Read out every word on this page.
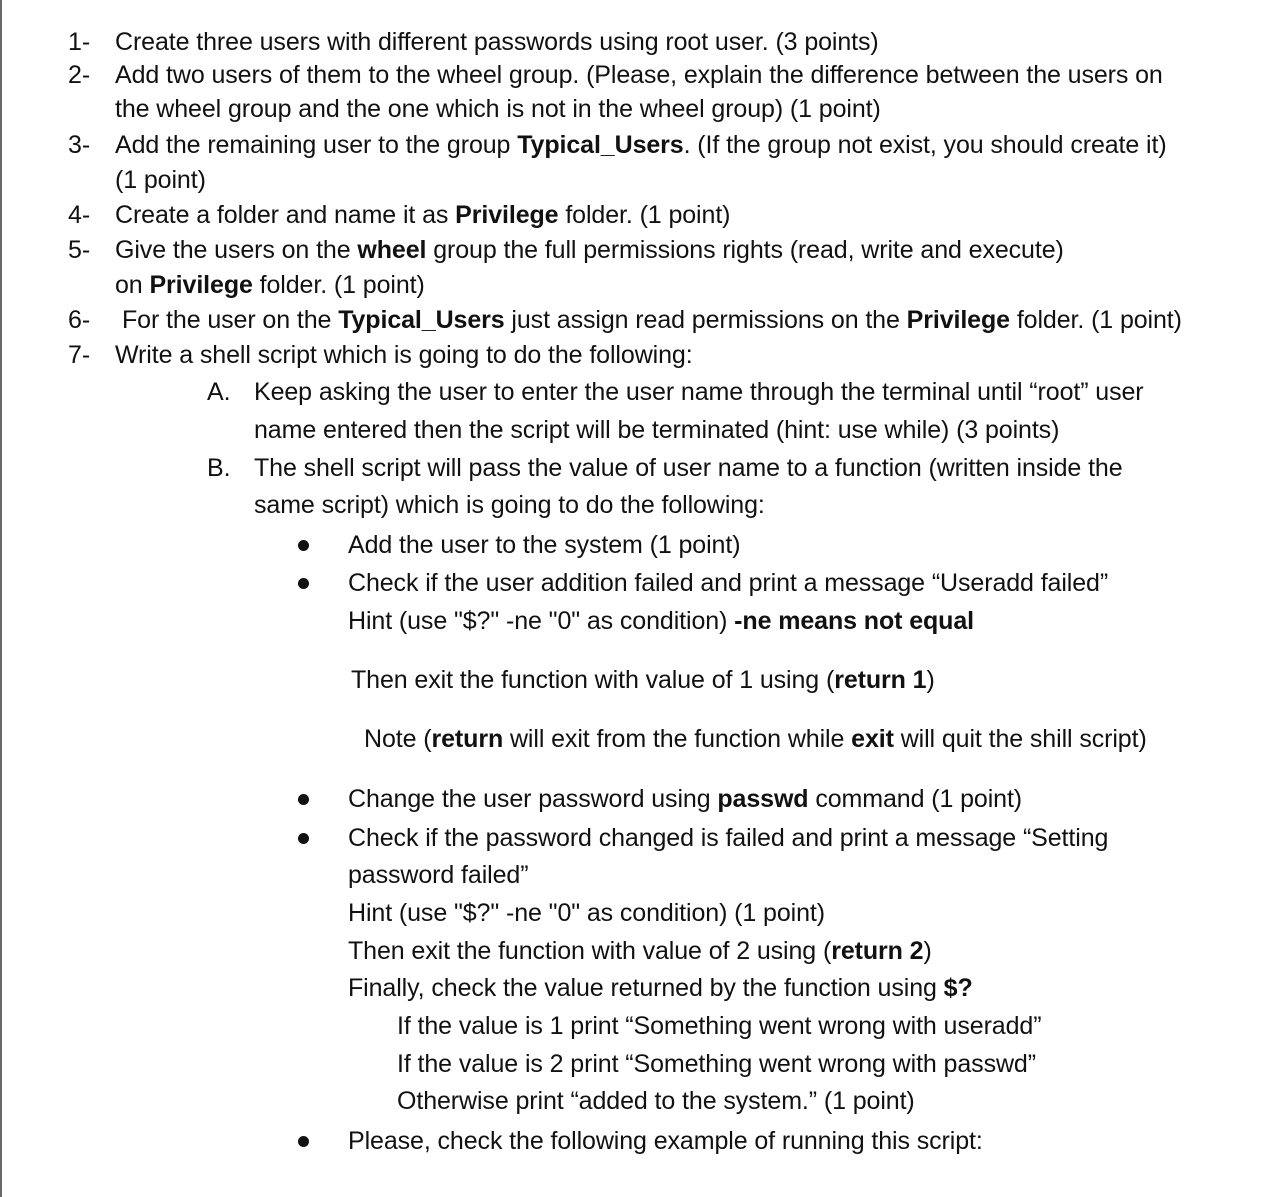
1- Create three users with different passwords using root user. (3 points)
2- Add two users of them to the wheel group. (Please, explain the difference between the users on
the wheel group and the one which is not in the wheel group) (1 point)
3- Add the remaining user to the group Typical_Users. (If the group not exist, you should create it)
(1 point)
4- Create a folder and name it as Privilege folder. (1 point)
5- Give the users on the wheel group the full permissions rights (read, write and execute)
on Privilege folder. (1 point)
6- For the user on the Typical_Users just assign read permissions on the Privilege folder. (1 point)
7- Write a shell script which is going to do the following:
A. Keep asking the user to enter the user name through the terminal until “root” user
name entered then the script will be terminated (hint: use while) (3 points)
B. The shell script will pass the value of user name to a function (written inside the
same script) which is going to do the following:
Add the user to the system (1 point)
Check if the user addition failed and print a message “Useradd failed”
Hint (use "$?" -ne "0" as condition) -ne means not equal
Then exit the function with value of 1 using (return 1)
Note (return will exit from the function while exit will quit the shill script)
Change the user password using passwd command (1 point)
Check if the password changed is failed and print a message “Setting
password failed”
Hint (use "$?" -ne "0" as condition) (1 point)
Then exit the function with value of 2 using (return 2)
Finally, check the value returned by the function using $?
If the value is 1 print “Something went wrong with useradd”
If the value is 2 print “Something went wrong with passwd”
Otherwise print “added to the system.” (1 point)
Please, check the following example of running this script:
